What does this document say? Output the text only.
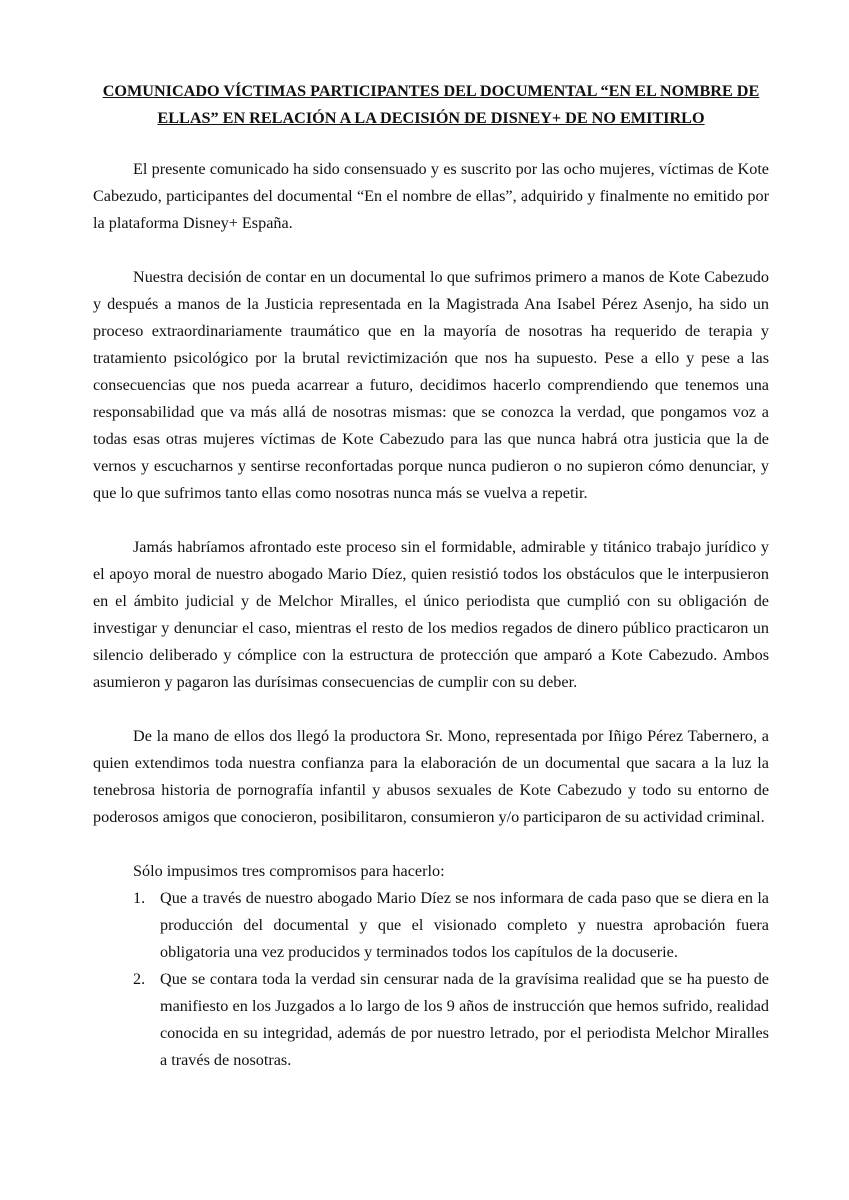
COMUNICADO VÍCTIMAS PARTICIPANTES DEL DOCUMENTAL “EN EL NOMBRE DE ELLAS” EN RELACIÓN A LA DECISIÓN DE DISNEY+ DE NO EMITIRLO

El presente comunicado ha sido consensuado y es suscrito por las ocho mujeres, víctimas de Kote Cabezudo, participantes del documental “En el nombre de ellas”, adquirido y finalmente no emitido por la plataforma Disney+ España.

Nuestra decisión de contar en un documental lo que sufrimos primero a manos de Kote Cabezudo y después a manos de la Justicia representada en la Magistrada Ana Isabel Pérez Asenjo, ha sido un proceso extraordinariamente traumático que en la mayoría de nosotras ha requerido de terapia y tratamiento psicológico por la brutal revictimización que nos ha supuesto. Pese a ello y pese a las consecuencias que nos pueda acarrear a futuro, decidimos hacerlo comprendiendo que tenemos una responsabilidad que va más allá de nosotras mismas: que se conozca la verdad, que pongamos voz a todas esas otras mujeres víctimas de Kote Cabezudo para las que nunca habrá otra justicia que la de vernos y escucharnos y sentirse reconfortadas porque nunca pudieron o no supieron cómo denunciar, y que lo que sufrimos tanto ellas como nosotras nunca más se vuelva a repetir.

Jamás habríamos afrontado este proceso sin el formidable, admirable y titánico trabajo jurídico y el apoyo moral de nuestro abogado Mario Díez, quien resistió todos los obstáculos que le interpusieron en el ámbito judicial y de Melchor Miralles, el único periodista que cumplió con su obligación de investigar y denunciar el caso, mientras el resto de los medios regados de dinero público practicaron un silencio deliberado y cómplice con la estructura de protección que amparó a Kote Cabezudo. Ambos asumieron y pagaron las durísimas consecuencias de cumplir con su deber.

De la mano de ellos dos llegó la productora Sr. Mono, representada por Iñigo Pérez Tabernero, a quien extendimos toda nuestra confianza para la elaboración de un documental que sacara a la luz la tenebrosa historia de pornografía infantil y abusos sexuales de Kote Cabezudo y todo su entorno de poderosos amigos que conocieron, posibilitaron, consumieron y/o participaron de su actividad criminal.

Sólo impusimos tres compromisos para hacerlo:
1. Que a través de nuestro abogado Mario Díez se nos informara de cada paso que se diera en la producción del documental y que el visionado completo y nuestra aprobación fuera obligatoria una vez producidos y terminados todos los capítulos de la docuserie.
2. Que se contara toda la verdad sin censurar nada de la gravísima realidad que se ha puesto de manifiesto en los Juzgados a lo largo de los 9 años de instrucción que hemos sufrido, realidad conocida en su integridad, además de por nuestro letrado, por el periodista Melchor Miralles a través de nosotras.
